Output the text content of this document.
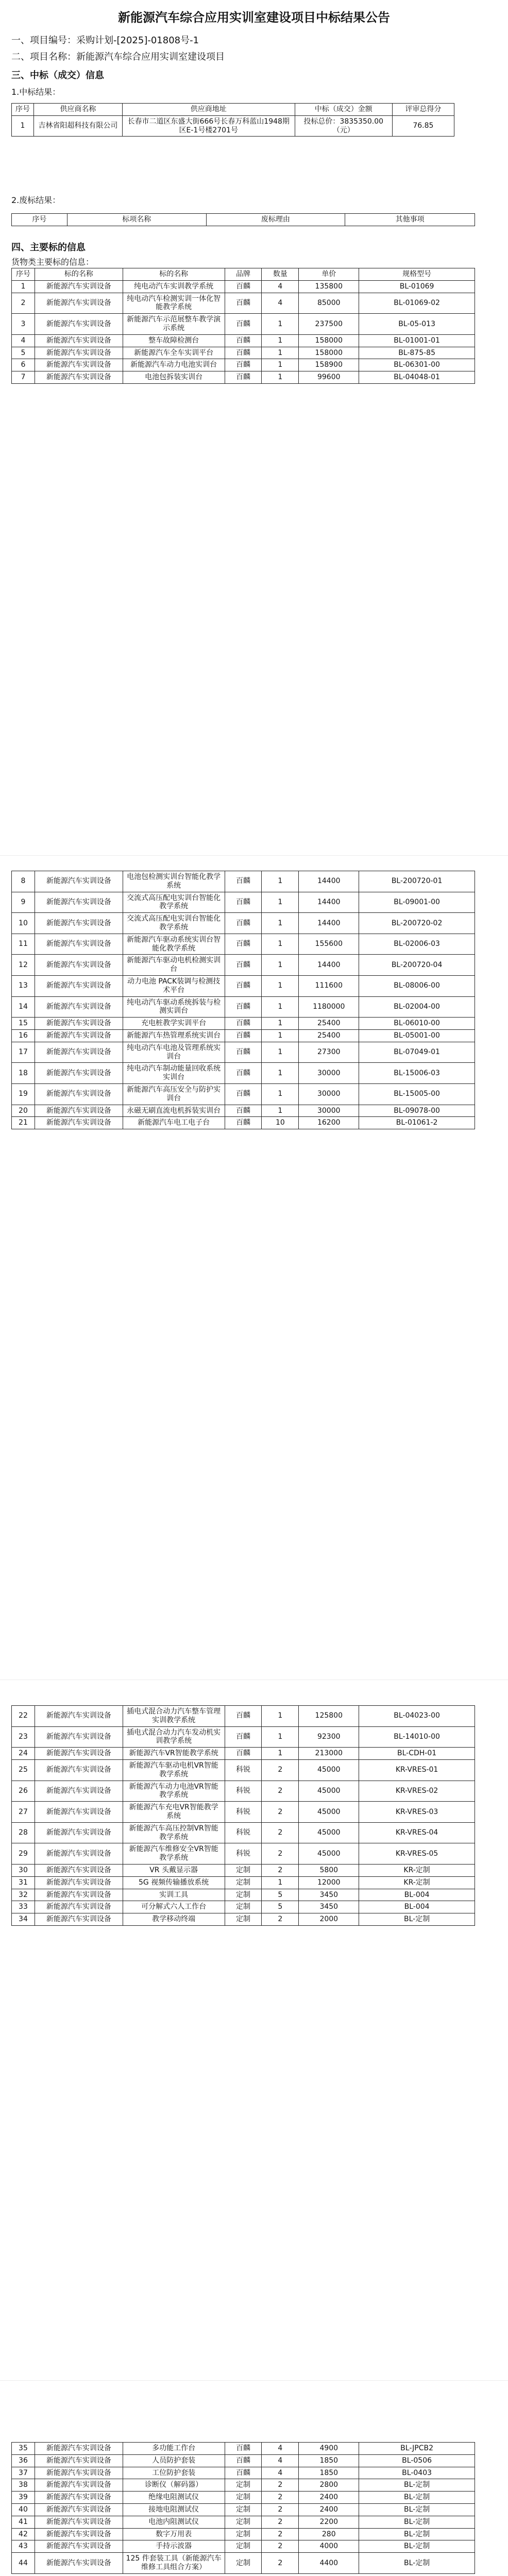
新能源汽车综合应用实训室建设项目中标结果公告
一、项目编号：采购计划-[2025]-01808号-1
二、项目名称：新能源汽车综合应用实训室建设项目
三、中标（成交）信息
1.中标结果：
序号	供应商名称	供应商地址	中标（成交）金额	评审总得分
1	吉林省阳超科技有限公司	长春市二道区东盛大街666号长春万科蓝山1948期区E-1号楼2701号	投标总价：3835350.00（元）	76.85
2.废标结果：
序号	标项名称	废标理由	其他事项
四、主要标的信息
货物类主要标的信息：
序号	标的名称	标的名称	品牌	数量	单价	规格型号
1	新能源汽车实训设备	纯电动汽车实训教学系统	百麟	4	135800	BL-01069
2	新能源汽车实训设备	纯电动汽车检测实训一体化智能教学系统	百麟	4	85000	BL-01069-02
3	新能源汽车实训设备	新能源汽车示范展整车教学演示系统	百麟	1	237500	BL-05-013
4	新能源汽车实训设备	整车故障检测台	百麟	1	158000	BL-01001-01
5	新能源汽车实训设备	新能源汽车全车实训平台	百麟	1	158000	BL-875-85
6	新能源汽车实训设备	新能源汽车动力电池实训台	百麟	1	158900	BL-06301-00
7	新能源汽车实训设备	电池包拆装实训台	百麟	1	99600	BL-04048-01
8	新能源汽车实训设备	电池包检测实训台智能化教学系统	百麟	1	14400	BL-200720-01
9	新能源汽车实训设备	交流式高压配电实训台智能化教学系统	百麟	1	14400	BL-09001-00
10	新能源汽车实训设备	交流式高压配电实训台智能化教学系统	百麟	1	14400	BL-200720-02
11	新能源汽车实训设备	新能源汽车驱动系统实训台智能化教学系统	百麟	1	155600	BL-02006-03
12	新能源汽车实训设备	新能源汽车驱动电机检测实训台	百麟	1	14400	BL-200720-04
13	新能源汽车实训设备	动力电池 PACK装调与检测技术平台	百麟	1	111600	BL-08006-00
14	新能源汽车实训设备	纯电动汽车驱动系统拆装与检测实训台	百麟	1	1180000	BL-02004-00
15	新能源汽车实训设备	充电桩教学实训平台	百麟	1	25400	BL-06010-00
16	新能源汽车实训设备	新能源汽车热管理系统实训台	百麟	1	25400	BL-05001-00
17	新能源汽车实训设备	纯电动汽车电池及管理系统实训台	百麟	1	27300	BL-07049-01
18	新能源汽车实训设备	纯电动汽车制动能量回收系统实训台	百麟	1	30000	BL-15006-03
19	新能源汽车实训设备	新能源汽车高压安全与防护实训台	百麟	1	30000	BL-15005-00
20	新能源汽车实训设备	永磁无刷直流电机拆装实训台	百麟	1	30000	BL-09078-00
21	新能源汽车实训设备	新能源汽车电工电子台	百麟	10	16200	BL-01061-2
22	新能源汽车实训设备	插电式混合动力汽车整车管理实训教学系统	百麟	1	125800	BL-04023-00
23	新能源汽车实训设备	插电式混合动力汽车发动机实训教学系统	百麟	1	92300	BL-14010-00
24	新能源汽车实训设备	新能源汽车VR智能教学系统	百麟	1	213000	BL-CDH-01
25	新能源汽车实训设备	新能源汽车驱动电机VR智能教学系统	科锐	2	45000	KR-VRES-01
26	新能源汽车实训设备	新能源汽车动力电池VR智能教学系统	科锐	2	45000	KR-VRES-02
27	新能源汽车实训设备	新能源汽车充电VR智能教学系统	科锐	2	45000	KR-VRES-03
28	新能源汽车实训设备	新能源汽车高压控制VR智能教学系统	科锐	2	45000	KR-VRES-04
29	新能源汽车实训设备	新能源汽车维修安全VR智能教学系统	科锐	2	45000	KR-VRES-05
30	新能源汽车实训设备	VR 头戴显示器	定制	2	5800	KR-定制
31	新能源汽车实训设备	5G 视频传输播放系统	定制	1	12000	KR-定制
32	新能源汽车实训设备	实训工具	定制	5	3450	BL-004
33	新能源汽车实训设备	可分解式六人工作台	定制	5	3450	BL-004
34	新能源汽车实训设备	教学移动终端	定制	2	2000	BL-定制
35	新能源汽车实训设备	多功能工作台	百麟	4	4900	BL-JPCB2
36	新能源汽车实训设备	人员防护套装	百麟	4	1850	BL-0506
37	新能源汽车实训设备	工位防护套装	百麟	4	1850	BL-0403
38	新能源汽车实训设备	诊断仪（解码器）	定制	2	2800	BL-定制
39	新能源汽车实训设备	绝缘电阻测试仪	定制	2	2400	BL-定制
40	新能源汽车实训设备	接地电阻测试仪	定制	2	2400	BL-定制
41	新能源汽车实训设备	电池内阻测试仪	定制	2	2200	BL-定制
42	新能源汽车实训设备	数字万用表	定制	2	280	BL-定制
43	新能源汽车实训设备	手持示波器	定制	2	4000	BL-定制
44	新能源汽车实训设备	125 件套装工具（新能源汽车维修工具组合方案）	定制	2	4400	BL-定制
